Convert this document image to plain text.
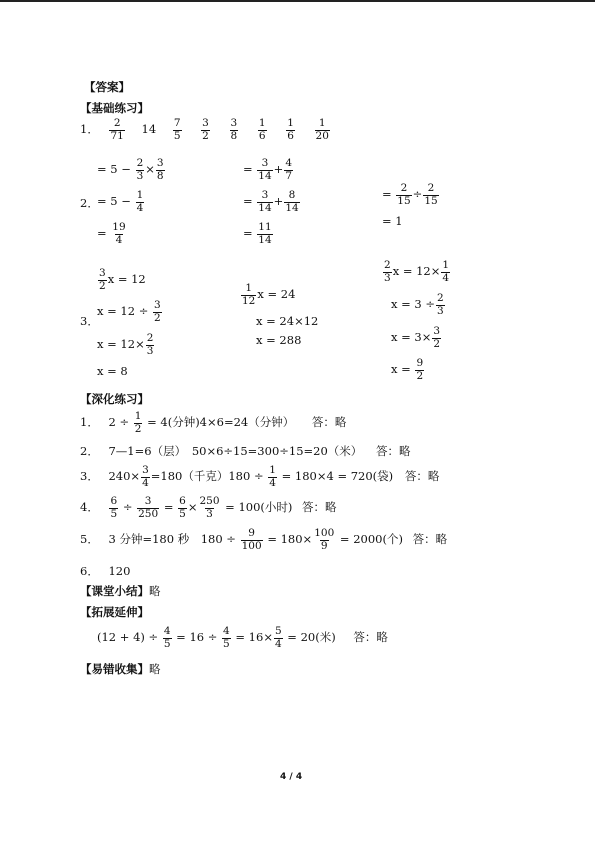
【答案】
【基础练习】
1． $\frac{2}{71} 14 \frac{7}{5}$
$\frac{3}{2}$
$\frac{3}{8}$
$\frac{1}{6}$
$\frac{1}{6}$
$\frac{1}{20}$
2．
= $5 - \frac{2}{3} \times \frac{3}{8}$
= $5 - \frac{1}{4}$
= $\frac{19}{4}$
= $\frac{3}{14} + \frac{4}{7}$
= $\frac{3}{14} + \frac{8}{14}$
= $\frac{11}{14}$
= $\frac{2}{15} \div \frac{2}{15}$
= 1
3．
$\frac{3}{2}$ x = 12
$x = 12 \div \frac{3}{2}$
$x = 12\times \frac{2}{3}$
x = 8
$\frac{1}{12}$ x = 24
x = 24×12
x = 288
$\frac{2}{3}$ $x = 12\times \frac{1}{4}$
$x = 3 \div \frac{2}{3}$
$x = 3\times \frac{3}{2}$
$x = \frac{9}{2}$
【深化练习】
1． $2 \div \frac{1}{2} = 4$(分钟)4×6=24（分钟） 答：略
2． 7—1=6（层）　50×6÷15=300÷15=20（米） 答：略
3． $240\times \frac{3}{4} =180$（千克）$180 \div \frac{1}{4} = 180\times 4 = 720$(袋) 答：略
4． $\frac{6}{5} \div \frac{3}{250} = \frac{6}{5} \times \frac{250}{3} = 100$(小时) 答：略
5． 3 分钟=180 秒　$180 \div \frac{9}{100} = 180\times \frac{100}{9} = 2000$(个) 答：略
6． 120
【课堂小结】略
【拓展延伸】
$(12 + 4) \div \frac{4}{5} = 16 \div \frac{4}{5} = 16\times \frac{5}{4} = 20$(米) 答：略
【易错收集】略
4 / 4
